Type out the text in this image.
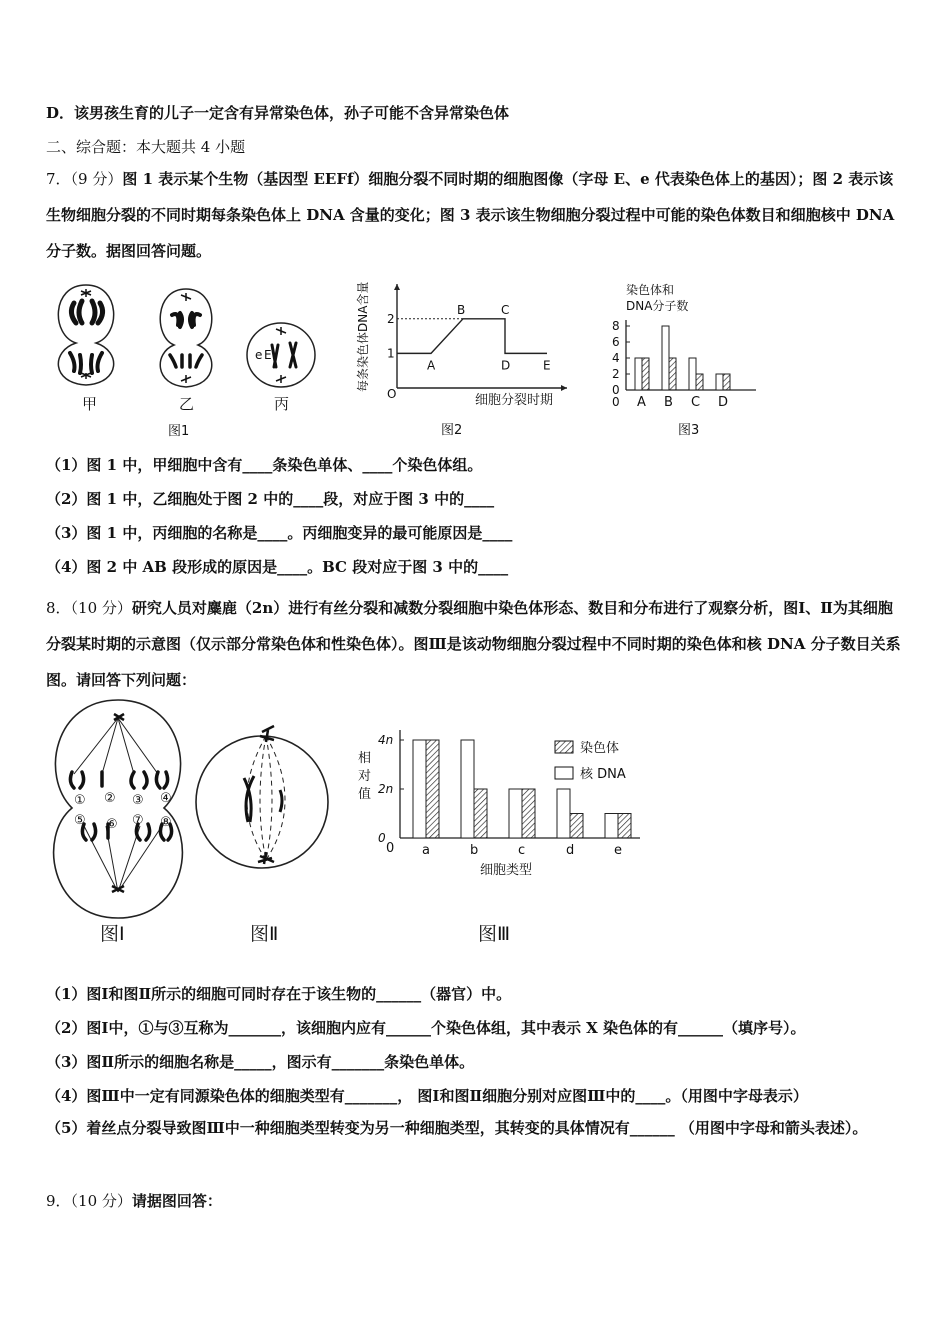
D．该男孩生育的儿子一定含有异常染色体，孙子可能不含异常染色体
二、综合题：本大题共 4 小题
7．（9 分）图 1 表示某个生物（基因型 EEFf）细胞分裂不同时期的细胞图像（字母 E、e 代表染色体上的基因）；图 2 表示该生物细胞分裂的不同时期每条染色体上 DNA 含量的变化；图 3 表示该生物细胞分裂过程中可能的染色体数目和细胞核中 DNA 分子数。据图回答问题。
甲	乙
e E
丙
图1
每条染色体DNA含量 1
2
A
B	C
D	E
O	细胞分裂时期
图2
染色体和
DNA分子数
0
2
4
6
8
A B C D
0
图3
（1）图 1 中，甲细胞中含有____条染色单体、____个染色体组。
（2）图 1 中，乙细胞处于图 2 中的____段，对应于图 3 中的____
（3）图 1 中，丙细胞的名称是____。丙细胞变异的最可能原因是____
（4）图 2 中 AB 段形成的原因是____。BC 段对应于图 3 中的____
8．（10 分）研究人员对麋鹿（2n）进行有丝分裂和减数分裂细胞中染色体形态、数目和分布进行了观察分析，图Ⅰ、Ⅱ为其细胞分裂某时期的示意图（仅示部分常染色体和性染色体）。图Ⅲ是该动物细胞分裂过程中不同时期的染色体和核 DNA 分子数目关系图。请回答下列问题：
① ② ③ ④
⑤ ⑥ ⑦ ⑧
图Ⅰ	图Ⅱ
相
对
值
0
2n
4n
a	b	c	d	e
0
染色体
核 DNA
细胞类型
图Ⅲ
（1）图Ⅰ和图Ⅱ所示的细胞可同时存在于该生物的______（器官）中。
（2）图Ⅰ中，①与③互称为_______，该细胞内应有______个染色体组，其中表示 X 染色体的有______（填序号）。
（3）图Ⅱ所示的细胞名称是_____，图示有_______条染色单体。
（4）图Ⅲ中一定有同源染色体的细胞类型有_______， 图Ⅰ和图Ⅱ细胞分别对应图Ⅲ中的____。（用图中字母表示）
（5）着丝点分裂导致图Ⅲ中一种细胞类型转变为另一种细胞类型，其转变的具体情况有______ （用图中字母和箭头表述）。
9．（10 分）请据图回答：
